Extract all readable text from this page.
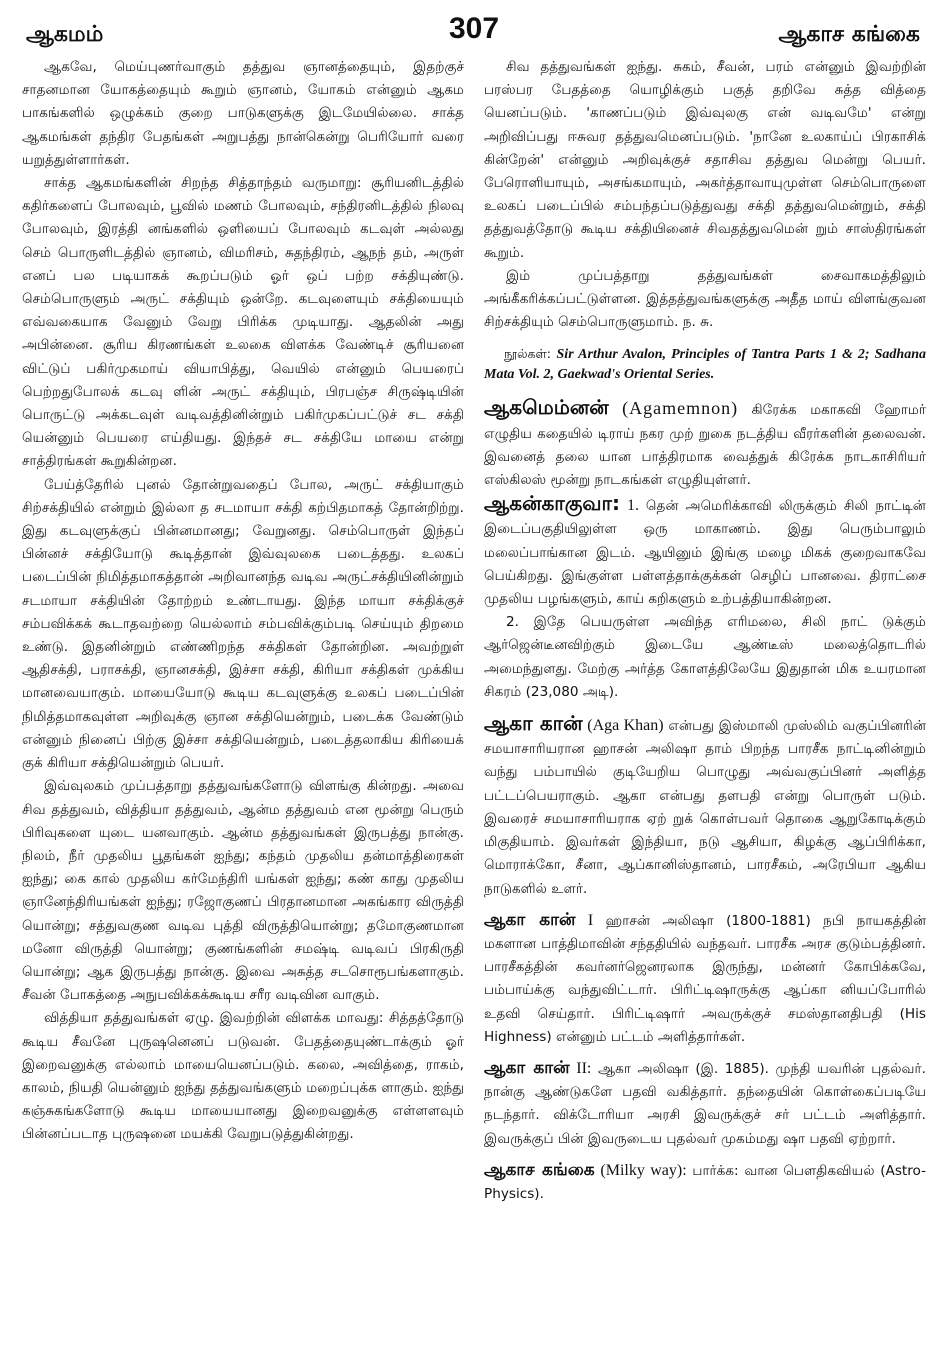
ஆகமம்	307	ஆகாச கங்கை

ஆகவே, மெய்புணர்வாகும் தத்துவ ஞானத்தையும், இதற்குச் சாதனமான யோகத்தையும் கூறும் ஞானம், யோகம் என்னும் ஆகம பாகங்களில் ஒழுக்கம் குறை பாடுகளுக்கு இடமேயில்லை. சாக்த ஆகமங்கள் தந்திர பேதங்கள் அறுபத்து நான்கென்று பெரியோர் வரை யறுத்துள்ளார்கள்.

சாக்த ஆகமங்களின் சிறந்த சித்தாந்தம் வருமாறு: சூரியனிடத்தில் கதிர்களைப் போலவும், பூவில் மணம் போலவும், சந்திரனிடத்தில் நிலவு போலவும், இரத்தி னங்களில் ஒளியைப் போலவும் கடவுள் அல்லது செம் பொருளிடத்தில் ஞானம், விமரிசம், சுதந்திரம், ஆநந் தம், அருள் எனப் பல படியாகக் கூறப்படும் ஓர் ஒப் பற்ற சக்தியுண்டு. செம்பொருளும் அருட் சக்தியும் ஒன்றே. கடவுளையும் சக்தியையும் எவ்வகையாக வேனும் வேறு பிரிக்க முடியாது. ஆதலின் அது அபின்னை. சூரிய கிரணங்கள் உலகை விளக்க வேண்டிச் சூரியனை விட்டுப் பகிர்முகமாய் வியாபித்து, வெயில் என்னும் பெயரைப் பெற்றதுபோலக் கடவு ளின் அருட் சக்தியும், பிரபஞ்ச சிருஷ்டியின் பொருட்டு அக்கடவுள் வடிவத்தினின்றும் பகிர்முகப்பட்டுச் சட சக்தி யென்னும் பெயரை எய்தியது. இந்தச் சட சக்தியே மாயை என்று சாத்திரங்கள் கூறுகின்றன.

பேய்த்தேரில் புனல் தோன்றுவதைப் போல, அருட் சக்தியாகும் சிற்சக்தியில் என்றும் இல்லா த சடமாயா சக்தி கற்பிதமாகத் தோன்றிற்று. இது கடவுளுக்குப் பின்னமானது; வேறுனது. செம்பொருள் இந்தப் பின்னச் சக்தியோடு கூடித்தான் இவ்வுலகை படைத்தது. உலகப் படைப்பின் நிமித்தமாகத்தான் அறிவானந்த வடிவ அருட்சக்தியினின்றும் சடமாயா சக்தியின் தோற்றம் உண்டாயது. இந்த மாயா சக்திக்குச் சம்பவிக்கக் கூடாதவற்றை யெல்லாம் சம்பவிக்கும்படி செய்யும் திறமை உண்டு. இதனின்றும் எண்ணிறந்த சக்திகள் தோன்றின. அவற்றுள் ஆதிசக்தி, பராசக்தி, ஞானசக்தி, இச்சா சக்தி, கிரியா சக்திகள் முக்கிய மானவையாகும். மாயையோடு கூடிய கடவுளுக்கு உலகப் படைப்பின் நிமித்தமாகவுள்ள அறிவுக்கு ஞான சக்தியென்றும், படைக்க வேண்டும் என்னும் நினைப் பிற்கு இச்சா சக்தியென்றும், படைத்தலாகிய கிரியைக் குக் கிரியா சக்தியென்றும் பெயர்.

இவ்வுலகம் முப்பத்தாறு தத்துவங்களோடு விளங்கு கின்றது. அவை சிவ தத்துவம், வித்தியா தத்துவம், ஆன்ம தத்துவம் என மூன்று பெரும் பிரிவுகளை யுடை யனவாகும். ஆன்ம தத்துவங்கள் இருபத்து நான்கு. நிலம், நீர் முதலிய பூதங்கள் ஐந்து; கந்தம் முதலிய தன்மாத்திரைகள் ஐந்து; கை கால் முதலிய கர்மேந்திரி யங்கள் ஐந்து; கண் காது முதலிய ஞானேந்திரியங்கள் ஐந்து; ரஜோகுணப் பிரதானமான அகங்கார விருத்தி யொன்று; சத்துவகுண வடிவ புத்தி விருத்தியொன்று; தமோகுணமான மனோ விருத்தி யொன்று; குணங்களின் சமஷ்டி வடிவப் பிரகிருதி யொன்று; ஆக இருபத்து நான்கு. இவை அசுத்த சடசொரூபங்களாகும். சீவன் போகத்தை அநுபவிக்கக்கூடிய சரீர வடிவின வாகும்.

வித்தியா தத்துவங்கள் ஏழு. இவற்றின் விளக்க மாவது: சித்தத்தோடு கூடிய சீவனே புருஷனெனப் படுவன். பேதத்தையுண்டாக்கும் ஓர் இறைவனுக்கு எல்லாம் மாயையெனப்படும். கலை, அவித்தை, ராகம், காலம், நியதி யென்னும் ஐந்து தத்துவங்களும் மறைப்புக்க ளாகும். ஐந்து கஞ்சுகங்களோடு கூடிய மாயையானது இறைவனுக்கு எள்ளளவும் பின்னப்படாத புருஷனை மயக்கி வேறுபடுத்துகின்றது.

சிவ தத்துவங்கள் ஐந்து. சுகம், சீவன், பரம் என்னும் இவற்றின் பரஸ்பர பேதத்தை யொழிக்கும் பகுத் தறிவே சுத்த வித்தை யெனப்படும். 'காணப்படும் இவ்வுலகு என் வடிவமே' என்று அறிவிப்பது ஈசுவர தத்துவமெனப்படும். 'நானே உலகாய்ப் பிரகாசிக் கின்றேன்' என்னும் அறிவுக்குச் சதாசிவ தத்துவ மென்று பெயர். பேரொளியாயும், அசங்கமாயும், அகர்த்தாவாயுமுள்ள செம்பொருளை உலகப் படைப்பில் சம்பந்தப்படுத்துவது சக்தி தத்துவமென்றும், சக்தி தத்துவத்தோடு கூடிய சக்தியினைச் சிவதத்துவமென் றும் சாஸ்திரங்கள் கூறும்.

இம் முப்பத்தாறு தத்துவங்கள் சைவாகமத்திலும் அங்கீகரிக்கப்பட்டுள்ளன. இத்தத்துவங்களுக்கு அதீத மாய் விளங்குவன சிற்சக்தியும் செம்பொருளுமாம். ந. சு.

நூல்கள்: Sir Arthur Avalon, Principles of Tantra Parts 1 & 2; Sadhana Mata Vol. 2, Gaekwad's Oriental Series.

ஆகமெம்னன் (Agamemnon) கிரேக்க மகாகவி ஹோமர் எழுதிய கதையில் டிராய் நகர முற் றுகை நடத்திய வீரர்களின் தலைவன். இவனைத் தலை யான பாத்திரமாக வைத்துக் கிரேக்க நாடகாசிரியர் எஸ்கிலஸ் மூன்று நாடகங்கள் எழுதியுள்ளர்.

ஆகன்காகுவா: 1. தென் அமெரிக்காவி லிருக்கும் சிலி நாட்டின் இடைப்பகுதியிலுள்ள ஒரு மாகாணம். இது பெரும்பாலும் மலைப்பாங்கான இடம். ஆயினும் இங்கு மழை மிகக் குறைவாகவே பெய்கிறது. இங்குள்ள பள்ளத்தாக்குக்கள் செழிப் பானவை. திராட்சை முதலிய பழங்களும், காய் கறிகளும் உற்பத்தியாகின்றன.

2. இதே பெயருள்ள அவிந்த எரிமலை, சிலி நாட் டுக்கும் ஆர்ஜென்டீனவிற்கும் இடையே ஆண்டீஸ் மலைத்தொடரில் அமைந்துளது. மேற்கு அர்த்த கோளத்திலேயே இதுதான் மிக உயரமான சிகரம் (23,080 அடி).

ஆகா கான் (Aga Khan) என்பது இஸ்மாலி முஸ்லிம் வகுப்பினரின் சமயாசாரியரான ஹாசன் அலிஷா தாம் பிறந்த பாரசீக நாட்டினின்றும் வந்து பம்பாயில் குடியேறிய பொழுது அவ்வகுப்பினர் அளித்த பட்டப்பெயராகும். ஆகா என்பது தளபதி என்று பொருள் படும். இவரைச் சமயாசாரியராக ஏற் றுக் கொள்பவர் தொகை ஆறுகோடிக்கும் மிகுதியாம். இவர்கள் இந்தியா, நடு ஆசியா, கிழக்கு ஆப்பிரிக்கா, மொராக்கோ, சீனா, ஆப்கானிஸ்தானம், பாரசீகம், அரேபியா ஆகிய நாடுகளில் உளர்.

ஆகா கான் I ஹாசன் அலிஷா (1800-1881) நபி நாயகத்தின் மகளான பாத்திமாவின் சந்ததியில் வந்தவர். பாரசீக அரச குடும்பத்தினர். பாரசீகத்தின் கவர்னர்ஜெனரலாக இருந்து, மன்னர் கோபிக்கவே, பம்பாய்க்கு வந்துவிட்டார். பிரிட்டிஷாருக்கு ஆப்கா னியப்போரில் உதவி செய்தார். பிரிட்டிஷார் அவருக்குச் சமஸ்தானதிபதி (His Highness) என்னும் பட்டம் அளித்தார்கள்.

ஆகா கான் II: ஆகா அலிஷா (இ. 1885). முந்தி யவரின் புதல்வர். நான்கு ஆண்டுகளே பதவி வகித்தார். தந்தையின் கொள்கைப்படியே நடந்தார். விக்டோரியா அரசி இவருக்குச் சர் பட்டம் அளித்தார். இவருக்குப் பின் இவருடைய புதல்வர் முகம்மது ஷா பதவி ஏற்றார்.

ஆகாச கங்கை (Milky way): பார்க்க: வான பௌதிகவியல் (Astro-Physics).
